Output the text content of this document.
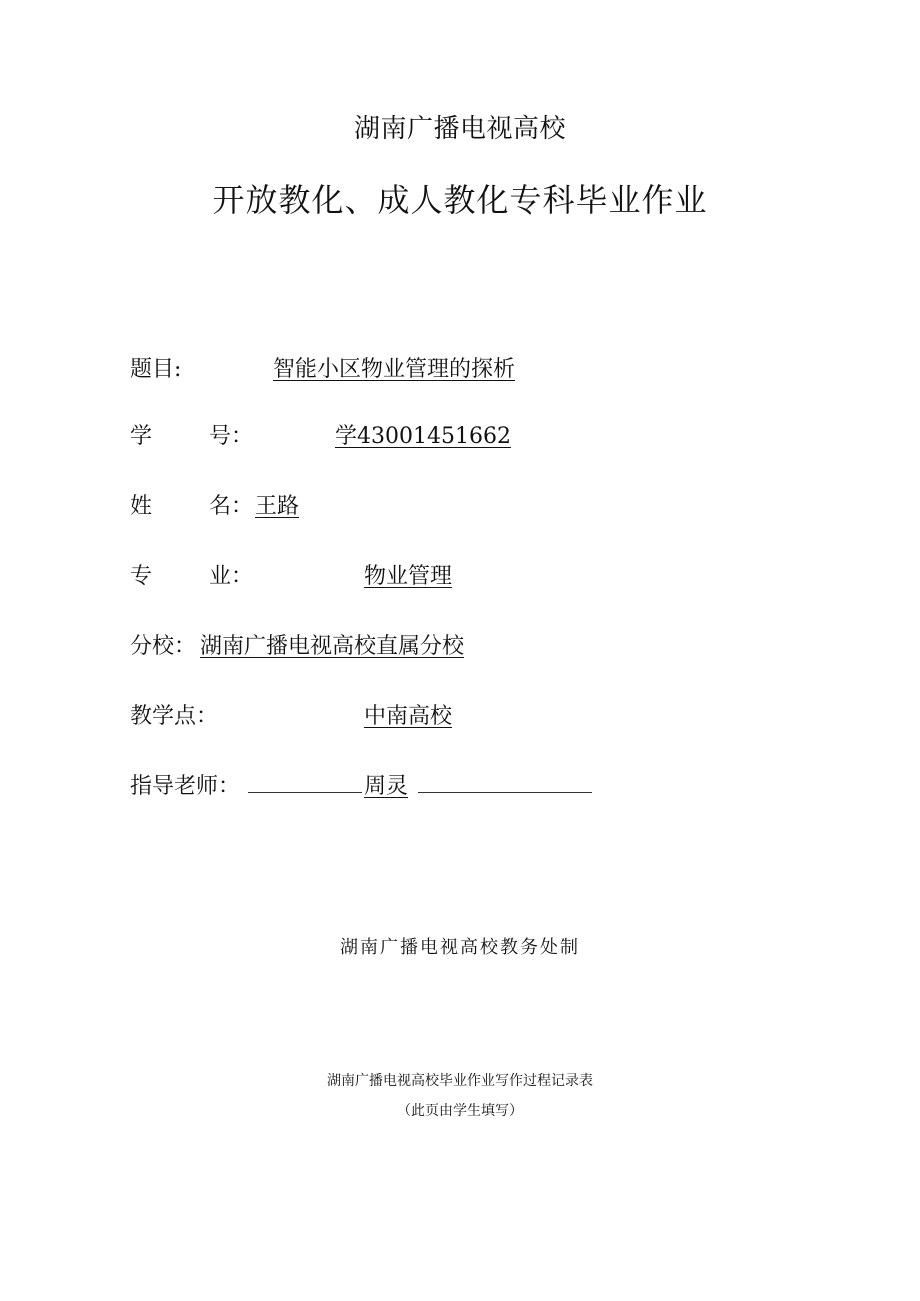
湖南广播电视高校
开放教化、成人教化专科毕业作业
题目:	智能小区物业管理的探析
学	号：	学43001451662
姓	名： 王路
专	业：	物业管理
分校： 湖南广播电视高校直属分校
教学点：	中南高校
指导老师：	周灵
湖南广播电视高校教务处制
湖南广播电视高校毕业作业写作过程记录表
（此页由学生填写）
